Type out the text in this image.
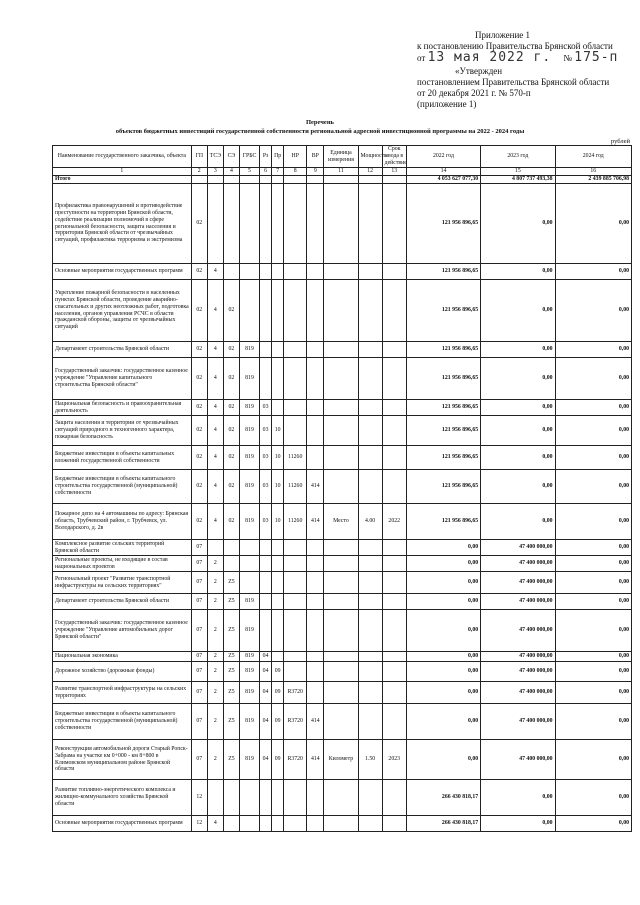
Приложение 1
к постановлению Правительства Брянской области
от 13 мая 2022 г. № 175-п
«Утвержден
постановлением Правительства Брянской области
от 20 декабря 2021 г. № 570-п
(приложение 1)
Перечень
объектов бюджетных инвестиций государственной собственности региональной адресной инвестиционной программы на 2022 - 2024 годы
рублей
Наименование государственного заказчика, объекта	ГП	ТСЭ	СЭ	ГРБС	Рз	Пр	НР	ВР	Единица измерения	Мощность	Срок ввода в действие	2022 год	2023 год	2024 год
1	2	3	4	5	6	7	8	9	11	12	13	14	15	16
Итого												4 053 627 077,30	4 807 737 493,38	2 439 885 706,98
Профилактика правонарушений и противодействие преступности на территории Брянской области, содействие реализации полномочий в сфере региональной безопасности, защита населения и территории Брянской области от чрезвычайных ситуаций, профилактика терроризма и экстремизма	02											121 956 896,65	0,00	0,00
Основные мероприятия государственных программ	02	4										121 956 896,65	0,00	0,00
Укрепление пожарной безопасности в населенных пунктах Брянской области, проведение аварийно-спасательных и других неотложных работ, подготовка населения, органов управления РСЧС в области гражданской обороны, защиты от чрезвычайных ситуаций	02	4	02									121 956 896,65	0,00	0,00
Департамент строительства Брянской области	02	4	02	819								121 956 896,65	0,00	0,00
Государственный заказчик: государственное казенное учреждение "Управление капитального строительства Брянской области"	02	4	02	819								121 956 896,65	0,00	0,00
Национальная безопасность и правоохранительная деятельность	02	4	02	819	03							121 956 896,65	0,00	0,00
Защита населения и территории от чрезвычайных ситуаций природного и техногенного характера, пожарная безопасность	02	4	02	819	03	10						121 956 896,65	0,00	0,00
Бюджетные инвестиции в объекты капитальных вложений государственной собственности	02	4	02	819	03	10	11260					121 956 896,65	0,00	0,00
Бюджетные инвестиции в объекты капитального строительства государственной (муниципальной) собственности	02	4	02	819	03	10	11260	414				121 956 896,65	0,00	0,00
Пожарное депо на 4 автомашины по адресу: Брянская область, Трубчевский район, г. Трубчевск, ул. Володарского, д. 2в	02	4	02	819	03	10	11260	414	Место	4.00	2022	121 956 896,65	0,00	0,00
Комплексное развитие сельских территорий Брянской области	07											0,00	47 400 000,00	0,00
Региональные проекты, не входящие в состав национальных проектов	07	2										0,00	47 400 000,00	0,00
Региональный проект "Развитие транспортной инфраструктуры на сельских территориях"	07	2	Z5									0,00	47 400 000,00	0,00
Департамент строительства Брянской области	07	2	Z5	819								0,00	47 400 000,00	0,00
Государственный заказчик: государственное казенное учреждение "Управление автомобильных дорог Брянской области"	07	2	Z5	819								0,00	47 400 000,00	0,00
Национальная экономика	07	2	Z5	819	04							0,00	47 400 000,00	0,00
Дорожное хозяйство (дорожные фонды)	07	2	Z5	819	04	09						0,00	47 400 000,00	0,00
Развитие транспортной инфраструктуры на сельских территориях	07	2	Z5	819	04	09	R3720					0,00	47 400 000,00	0,00
Бюджетные инвестиции в объекты капитального строительства государственной (муниципальной) собственности	07	2	Z5	819	04	09	R3720	414				0,00	47 400 000,00	0,00
Реконструкция автомобильной дороги Старый Ропск-Забрама на участке км 0+000 - км 8+800 в Климовском муниципальном районе Брянской области	07	2	Z5	819	04	09	R3720	414	Километр	1.50	2023	0,00	47 400 000,00	0,00
Развитие топливно-энергетического комплекса и жилищно-коммунального хозяйства Брянской области	12											266 430 818,17	0,00	0,00
Основные мероприятия государственных программ	12	4										266 430 818,17	0,00	0,00
